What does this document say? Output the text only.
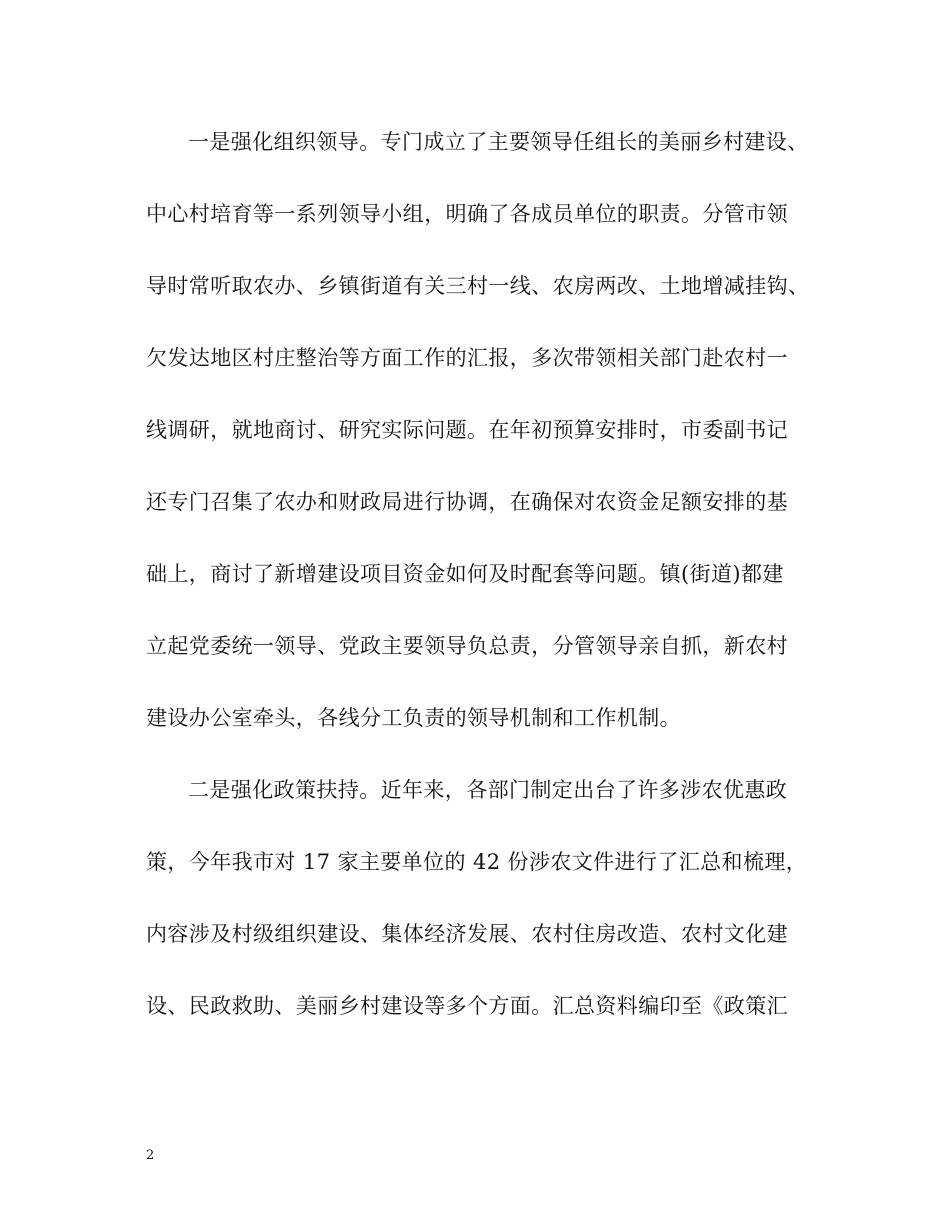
一是强化组织领导。专门成立了主要领导任组长的美丽乡村建设、
中心村培育等一系列领导小组，明确了各成员单位的职责。分管市领
导时常听取农办、乡镇街道有关三村一线、农房两改、土地增减挂钩、
欠发达地区村庄整治等方面工作的汇报，多次带领相关部门赴农村一
线调研，就地商讨、研究实际问题。在年初预算安排时，市委副书记
还专门召集了农办和财政局进行协调，在确保对农资金足额安排的基
础上，商讨了新增建设项目资金如何及时配套等问题。镇(街道)都建
立起党委统一领导、党政主要领导负总责，分管领导亲自抓，新农村
建设办公室牵头，各线分工负责的领导机制和工作机制。
二是强化政策扶持。近年来，各部门制定出台了许多涉农优惠政
策，今年我市对 17 家主要单位的 42 份涉农文件进行了汇总和梳理，
内容涉及村级组织建设、集体经济发展、农村住房改造、农村文化建
设、民政救助、美丽乡村建设等多个方面。汇总资料编印至《政策汇
2
